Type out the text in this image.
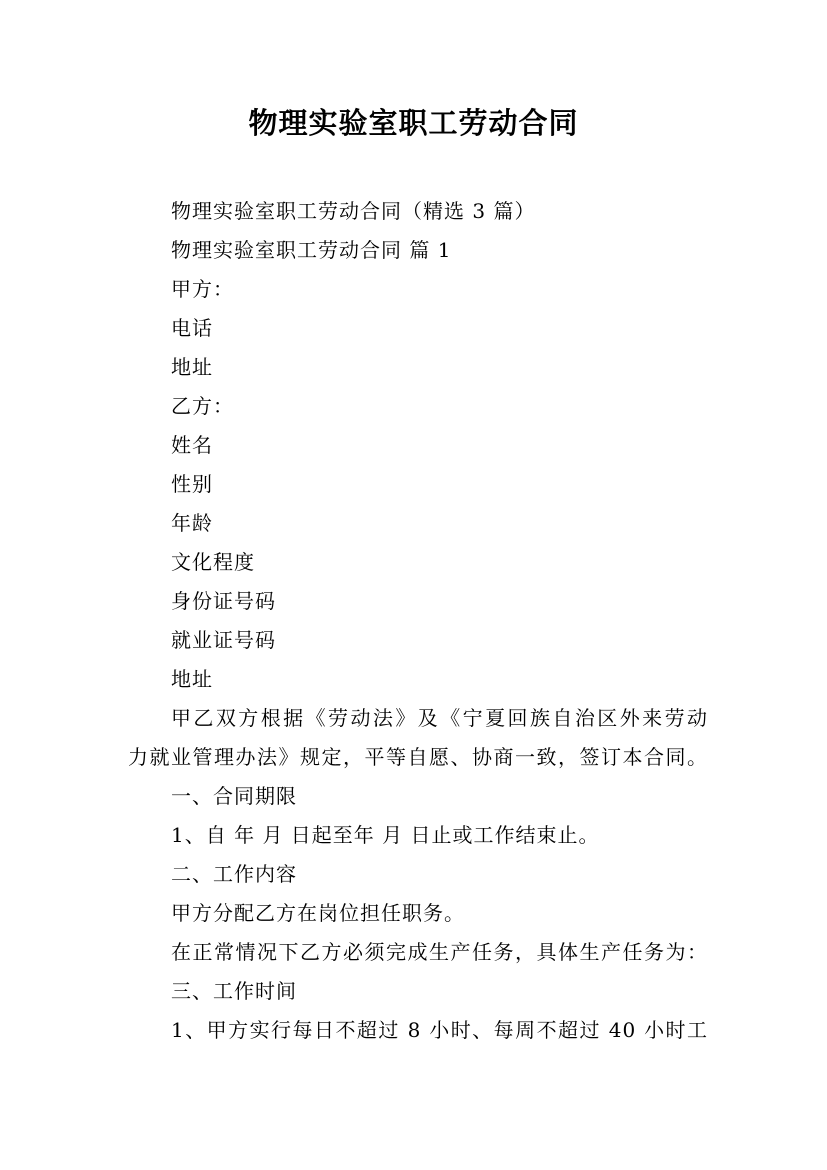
物理实验室职工劳动合同
物理实验室职工劳动合同（精选 3 篇）
物理实验室职工劳动合同 篇 1
甲方：
电话
地址
乙方：
姓名
性别
年龄
文化程度
身份证号码
就业证号码
地址
甲乙双方根据《劳动法》及《宁夏回族自治区外来劳动
力就业管理办法》规定，平等自愿、协商一致，签订本合同。
一、合同期限
1、自 年 月 日起至年 月 日止或工作结束止。
二、工作内容
甲方分配乙方在岗位担任职务。
在正常情况下乙方必须完成生产任务，具体生产任务为：
三、工作时间
1、甲方实行每日不超过 8 小时、每周不超过 40 小时工
